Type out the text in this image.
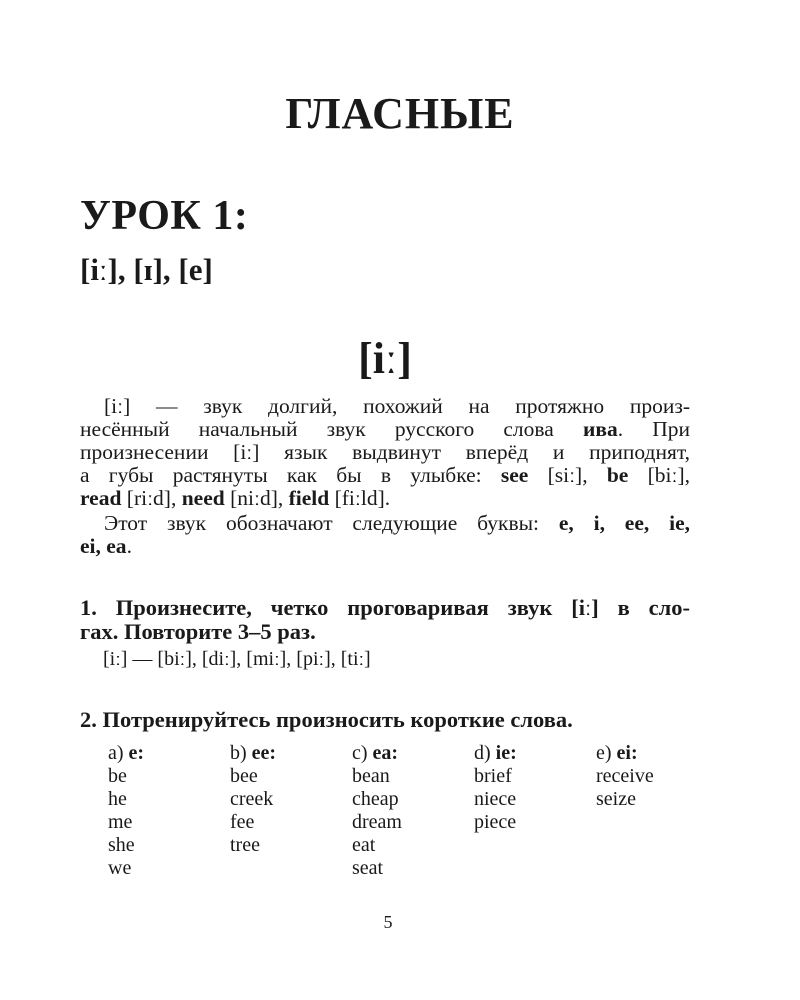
ГЛАСНЫЕ
УРОК 1:
[iː], [ɪ], [e]
[iː]
[iː] — звук долгий, похожий на протяжно произ-
несённый начальный звук русского слова ива. При
произнесении [iː] язык выдвинут вперёд и приподнят,
а губы растянуты как бы в улыбке: see [siː], be [biː],
read [riːd], need [niːd], field [fiːld].
Этот звук обозначают следующие буквы: e, i, ee, ie,
ei, ea.
1. Произнесите, четко проговаривая звук [iː] в сло-
гах. Повторите 3–5 раз.
[iː] — [biː], [diː], [miː], [piː], [tiː]
2. Потренируйтесь произносить короткие слова.
a) e:
be
he
me
she
we
b) ee:
bee
creek
fee
tree
c) ea:
bean
cheap
dream
eat
seat
d) ie:
brief
niece
piece
e) ei:
receive
seize
5
